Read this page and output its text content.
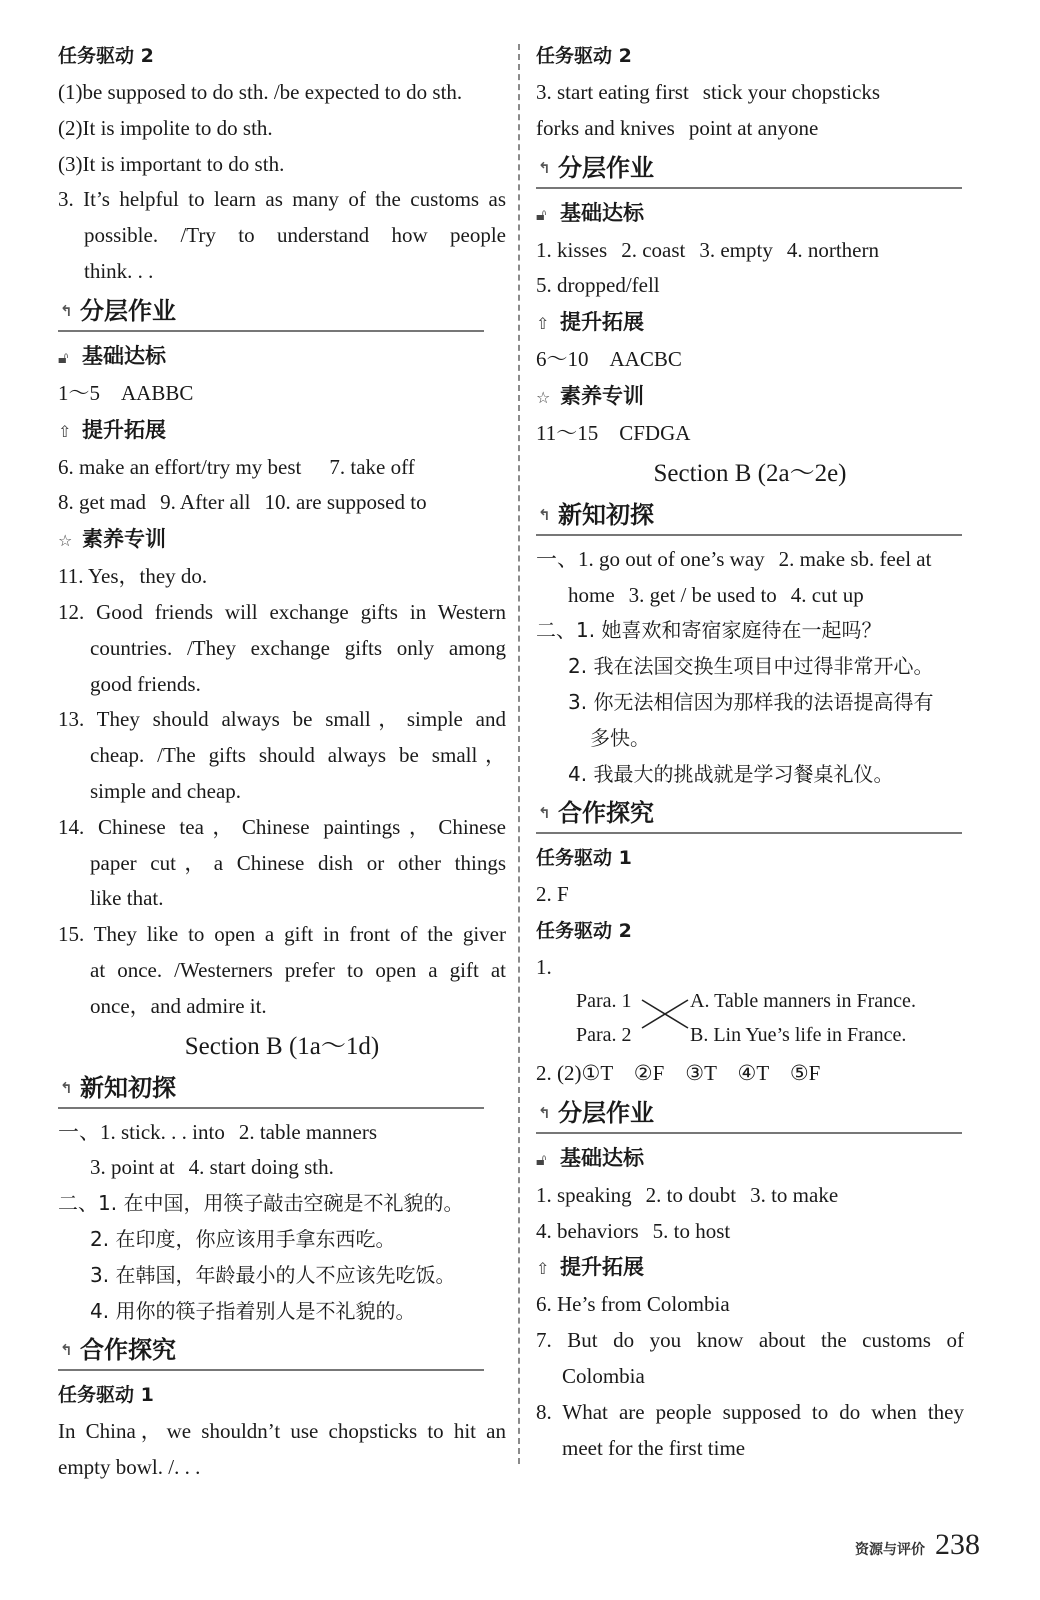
任务驱动 2
(1)be supposed to do sth. /be expected to do sth.
(2)It is impolite to do sth.
(3)It is important to do sth.
3. It’s helpful to learn as many of the customs as
possible. /Try to understand how people
think. . .
↰ 分层作业
🔓︎ 基础达标
1～5　AABBC
⇧ 提升拓展
6. make an effort/try my best 7. take off
8. get mad 9. After all 10. are supposed to
☆ 素养专训
11. Yes，they do.
12. Good friends will exchange gifts in Western
countries. /They exchange gifts only among
good friends.
13. They should always be small，simple and
cheap. /The gifts should always be small，
simple and cheap.
14. Chinese tea，Chinese paintings，Chinese
paper cut，a Chinese dish or other things
like that.
15. They like to open a gift in front of the giver
at once. /Westerners prefer to open a gift at
once，and admire it.
Section B (1a～1d)
↰ 新知初探
一、1. stick. . . into 2. table manners
3. point at 4. start doing sth.
二、1. 在中国，用筷子敲击空碗是不礼貌的。
2. 在印度，你应该用手拿东西吃。
3. 在韩国，年龄最小的人不应该先吃饭。
4. 用你的筷子指着别人是不礼貌的。
↰ 合作探究
任务驱动 1
In China，we shouldn’t use chopsticks to hit an
empty bowl. /. . .
任务驱动 2
3. start eating first stick your chopsticks
forks and knives point at anyone
↰ 分层作业
🔓︎ 基础达标
1. kisses 2. coast 3. empty 4. northern
5. dropped/fell
⇧ 提升拓展
6～10　AACBC
☆ 素养专训
11～15　CFDGA
Section B (2a～2e)
↰ 新知初探
一、1. go out of one’s way 2. make sb. feel at
home 3. get / be used to 4. cut up
二、1. 她喜欢和寄宿家庭待在一起吗？
2. 我在法国交换生项目中过得非常开心。
3. 你无法相信因为那样我的法语提高得有
多快。
4. 我最大的挑战就是学习餐桌礼仪。
↰ 合作探究
任务驱动 1
2. F
任务驱动 2
1.
Para. 1
Para. 2
A. Table manners in France.
B. Lin Yue’s life in France.
2. (2)①T　②F　③T　④T　⑤F
↰ 分层作业
🔓︎ 基础达标
1. speaking 2. to doubt 3. to make
4. behaviors 5. to host
⇧ 提升拓展
6. He’s from Colombia
7. But do you know about the customs of
Colombia
8. What are people supposed to do when they
meet for the first time
资源与评价 238
